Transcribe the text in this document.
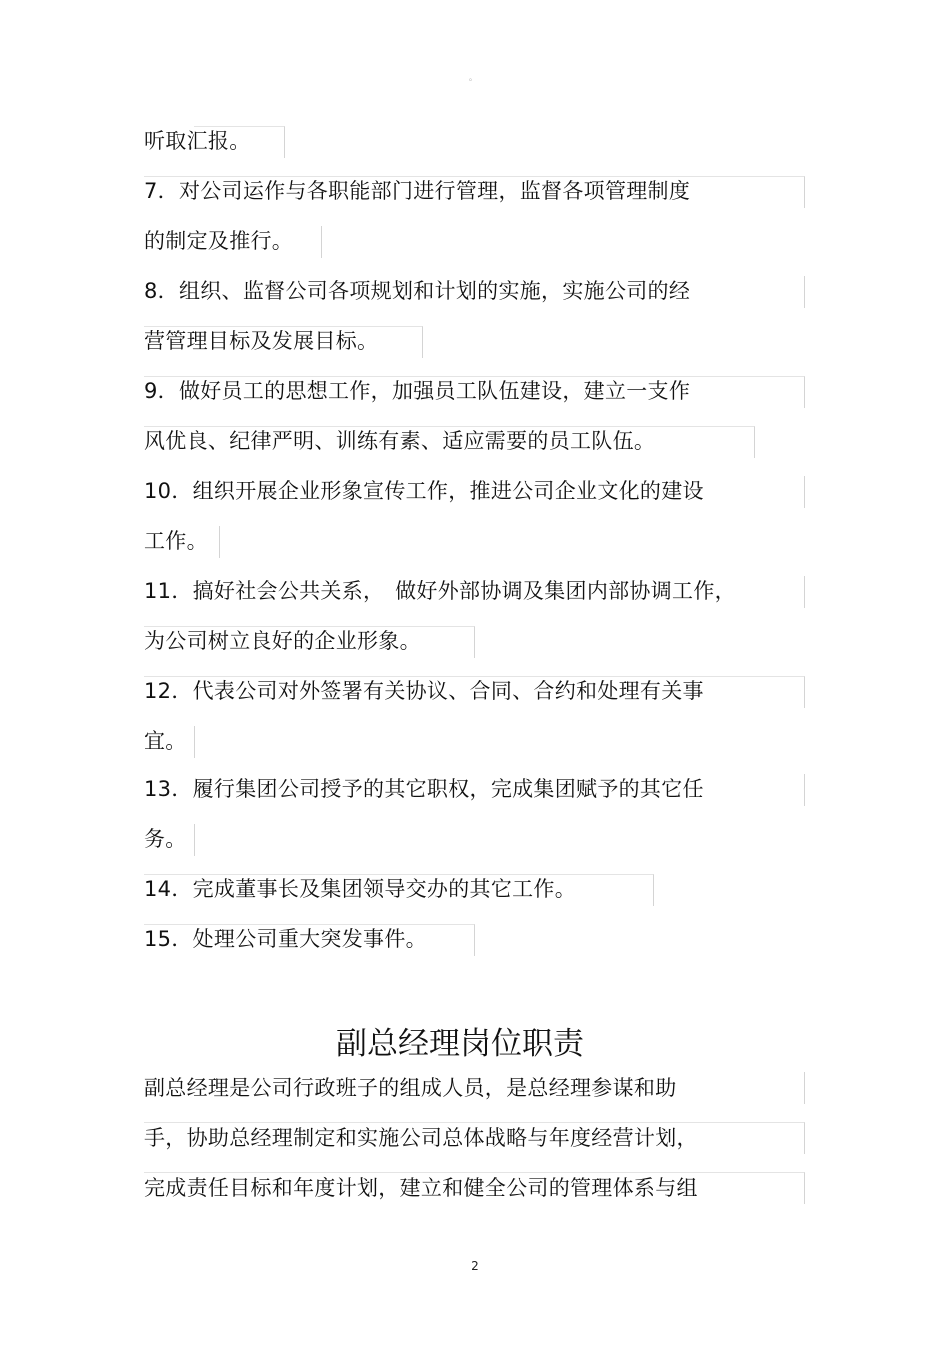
。
听取汇报。
7．对公司运作与各职能部门进行管理，监督各项管理制度
的制定及推行。
8．组织、监督公司各项规划和计划的实施，实施公司的经
营管理目标及发展目标。
9．做好员工的思想工作，加强员工队伍建设，建立一支作
风优良、纪律严明、训练有素、适应需要的员工队伍。
10．组织开展企业形象宣传工作，推进公司企业文化的建设
工作。
11．搞好社会公共关系，　做好外部协调及集团内部协调工作，
为公司树立良好的企业形象。
12．代表公司对外签署有关协议、合同、合约和处理有关事
宜。
13．履行集团公司授予的其它职权，完成集团赋予的其它任
务。
14．完成董事长及集团领导交办的其它工作。
15．处理公司重大突发事件。
副总经理岗位职责
副总经理是公司行政班子的组成人员，是总经理参谋和助
手，协助总经理制定和实施公司总体战略与年度经营计划，
完成责任目标和年度计划，建立和健全公司的管理体系与组
2
